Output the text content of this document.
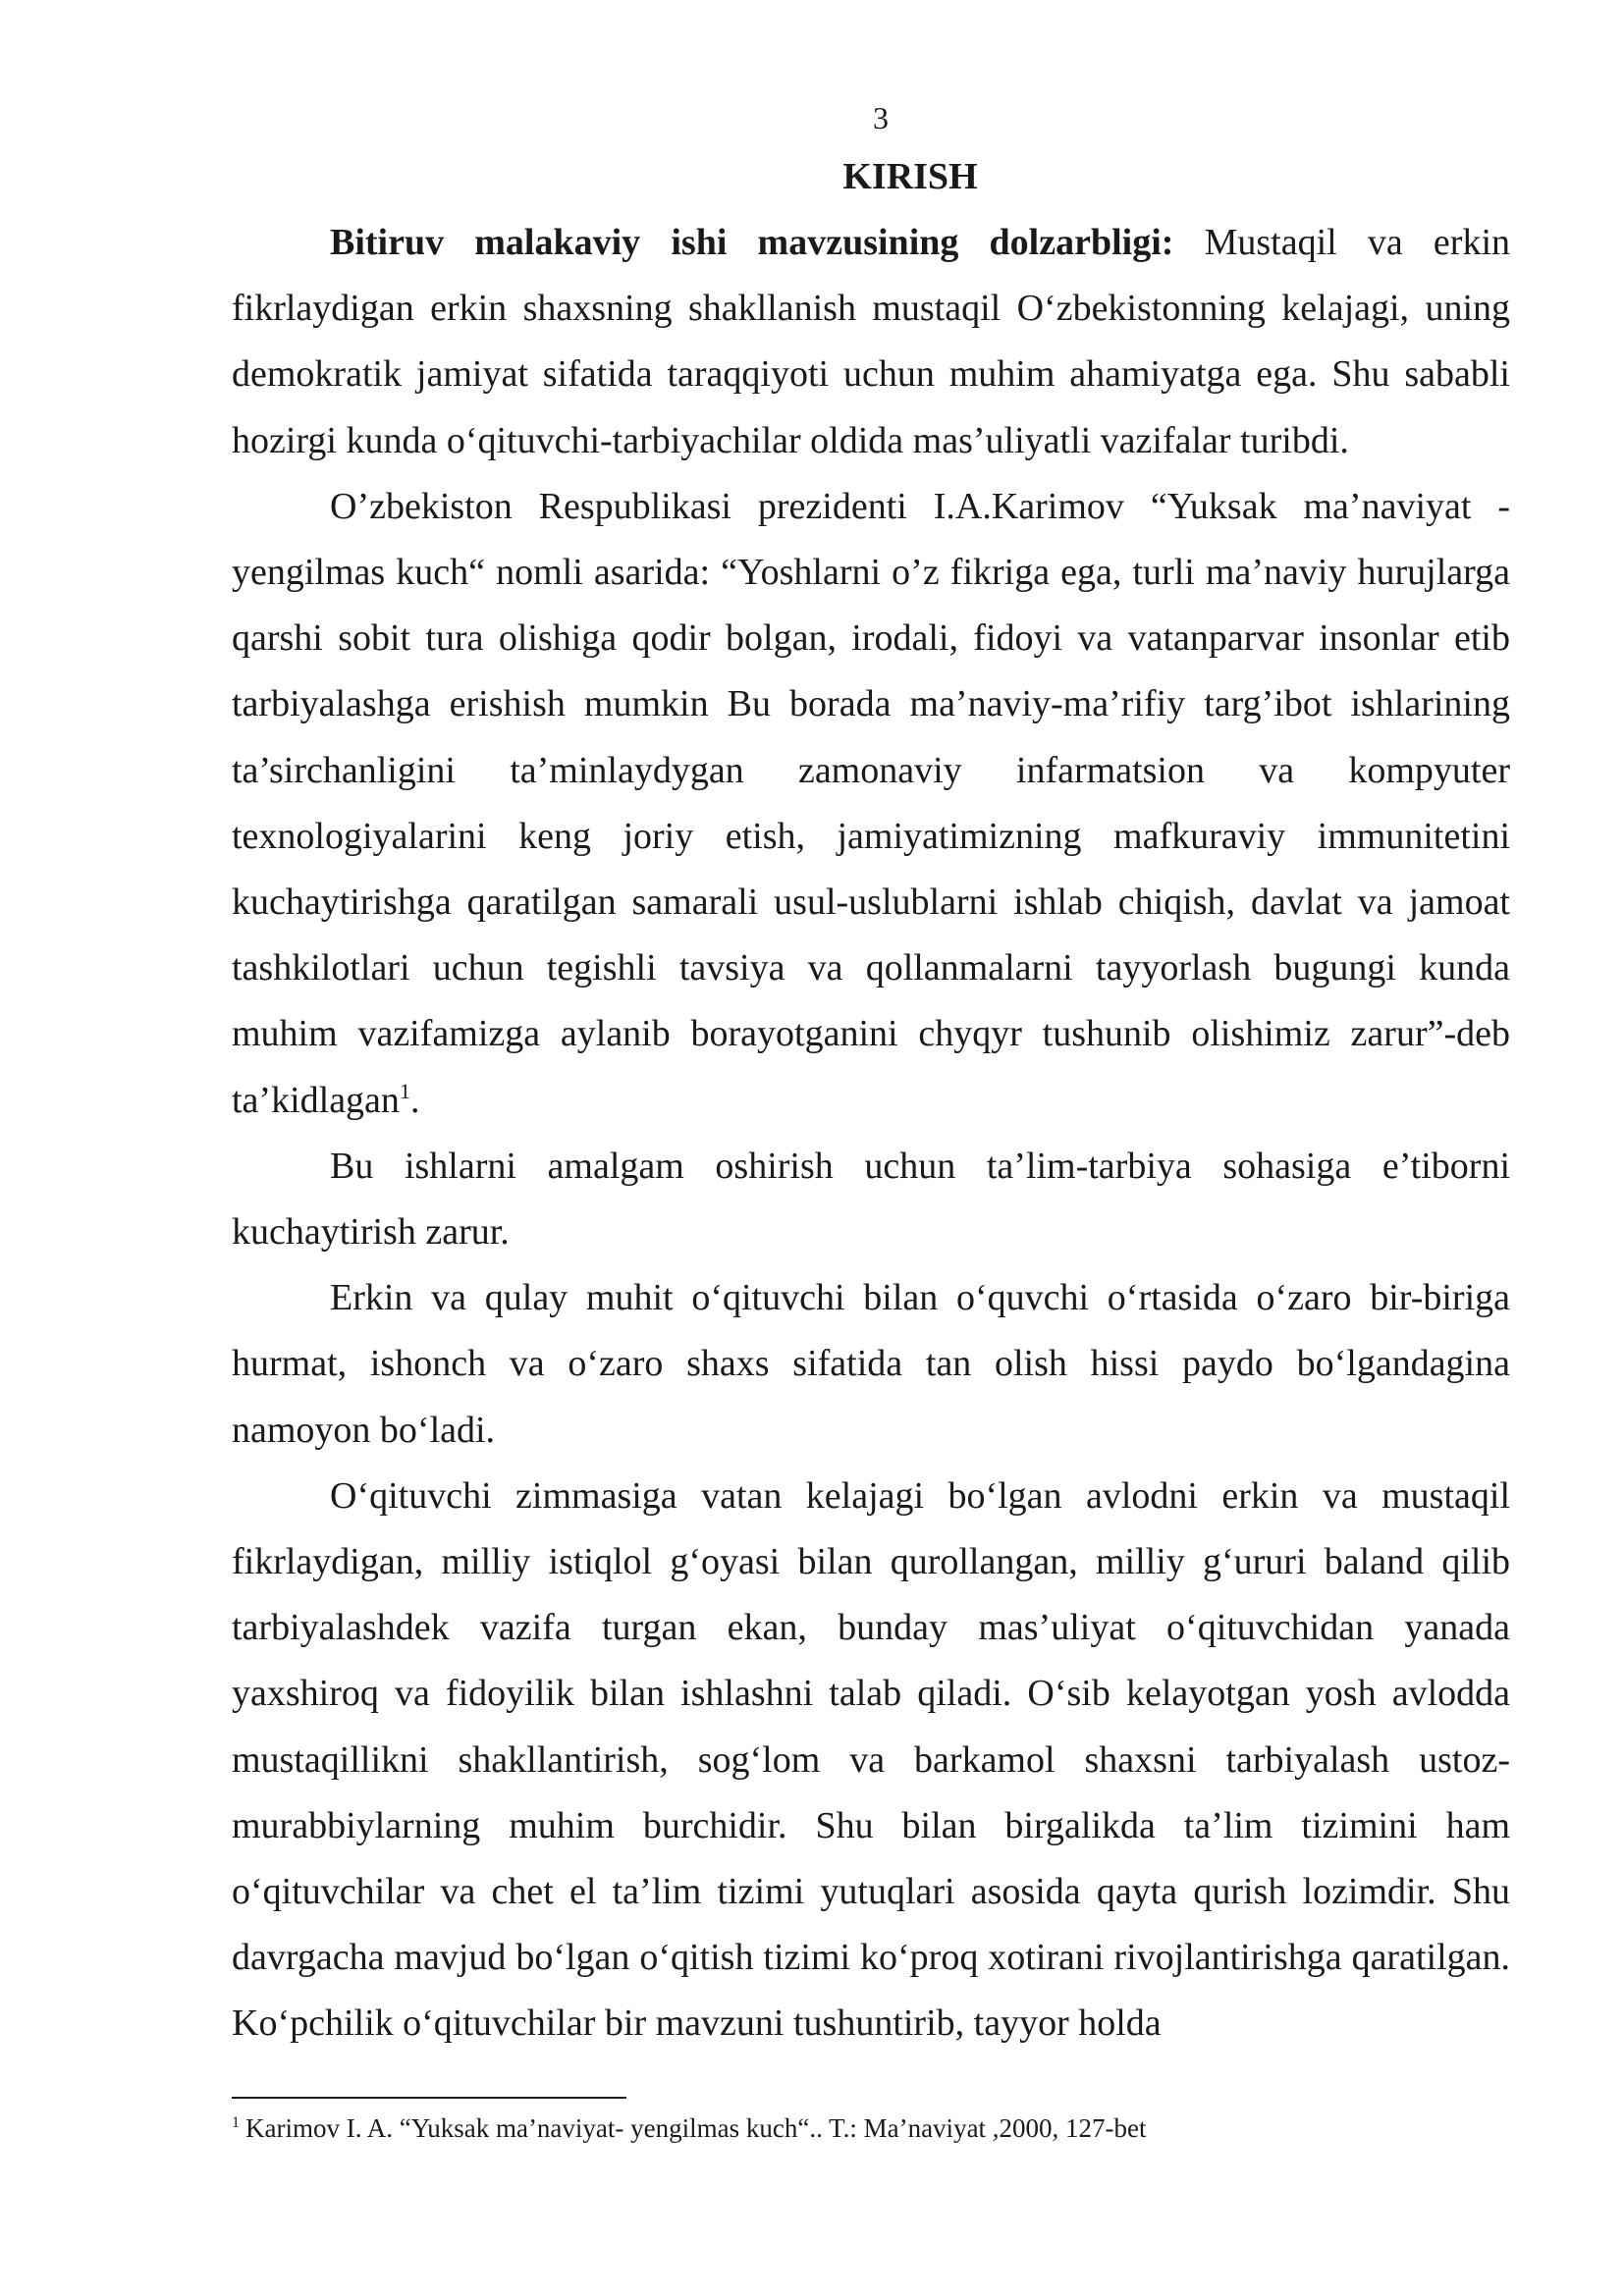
3
KIRISH

Bitiruv malakaviy ishi mavzusining dolzarbligi: Mustaqil va erkin fikrlaydigan erkin shaxsning shakllanish mustaqil O‘zbekistonning kelajagi, uning demokratik jamiyat sifatida taraqqiyoti uchun muhim ahamiyatga ega. Shu sababli hozirgi kunda o‘qituvchi-tarbiyachilar oldida mas’uliyatli vazifalar turibdi.

O’zbekiston Respublikasi prezidenti I.A.Karimov “Yuksak ma’naviyat - yengilmas kuch“ nomli asarida: “Yoshlarni o’z fikriga ega, turli ma’naviy hurujlarga qarshi sobit tura olishiga qodir bolgan, irodali, fidoyi va vatanparvar insonlar etib tarbiyalashga erishish mumkin Bu borada ma’naviy-ma’rifiy targ’ibot ishlarining ta’sirchanligini ta’minlaydygan zamonaviy infarmatsion va kompyuter texnologiyalarini keng joriy etish, jamiyatimizning mafkuraviy immunitetini kuchaytirishga qaratilgan samarali usul-uslublarni ishlab chiqish, davlat va jamoat tashkilotlari uchun tegishli tavsiya va qollanmalarni tayyorlash bugungi kunda muhim vazifamizga aylanib borayotganini chyqyr tushunib olishimiz zarur”-deb ta’kidlagan$^1$.

Bu ishlarni amalgam oshirish uchun ta’lim-tarbiya sohasiga e’tiborni kuchaytirish zarur.

Erkin va qulay muhit o‘qituvchi bilan o‘quvchi o‘rtasida o‘zaro bir-biriga hurmat, ishonch va o‘zaro shaxs sifatida tan olish hissi paydo bo‘lgandagina namoyon bo‘ladi.

O‘qituvchi zimmasiga vatan kelajagi bo‘lgan avlodni erkin va mustaqil fikrlaydigan, milliy istiqlol g‘oyasi bilan qurollangan, milliy g‘ururi baland qilib tarbiyalashdek vazifa turgan ekan, bunday mas’uliyat o‘qituvchidan yanada yaxshiroq va fidoyilik bilan ishlashni talab qiladi. O‘sib kelayotgan yosh avlodda mustaqillikni shakllantirish, sog‘lom va barkamol shaxsni tarbiyalash ustoz-murabbiylarning muhim burchidir. Shu bilan birgalikda ta’lim tizimini ham o‘qituvchilar va chet el ta’lim tizimi yutuqlari asosida qayta qurish lozimdir. Shu davrgacha mavjud bo‘lgan o‘qitish tizimi ko‘proq xotirani rivojlantirishga qaratilgan. Ko‘pchilik o‘qituvchilar bir mavzuni tushuntirib, tayyor holda

$^1$ Karimov I. A. “Yuksak ma’naviyat- yengilmas kuch“.. T.: Ma’naviyat ,2000, 127-bet
